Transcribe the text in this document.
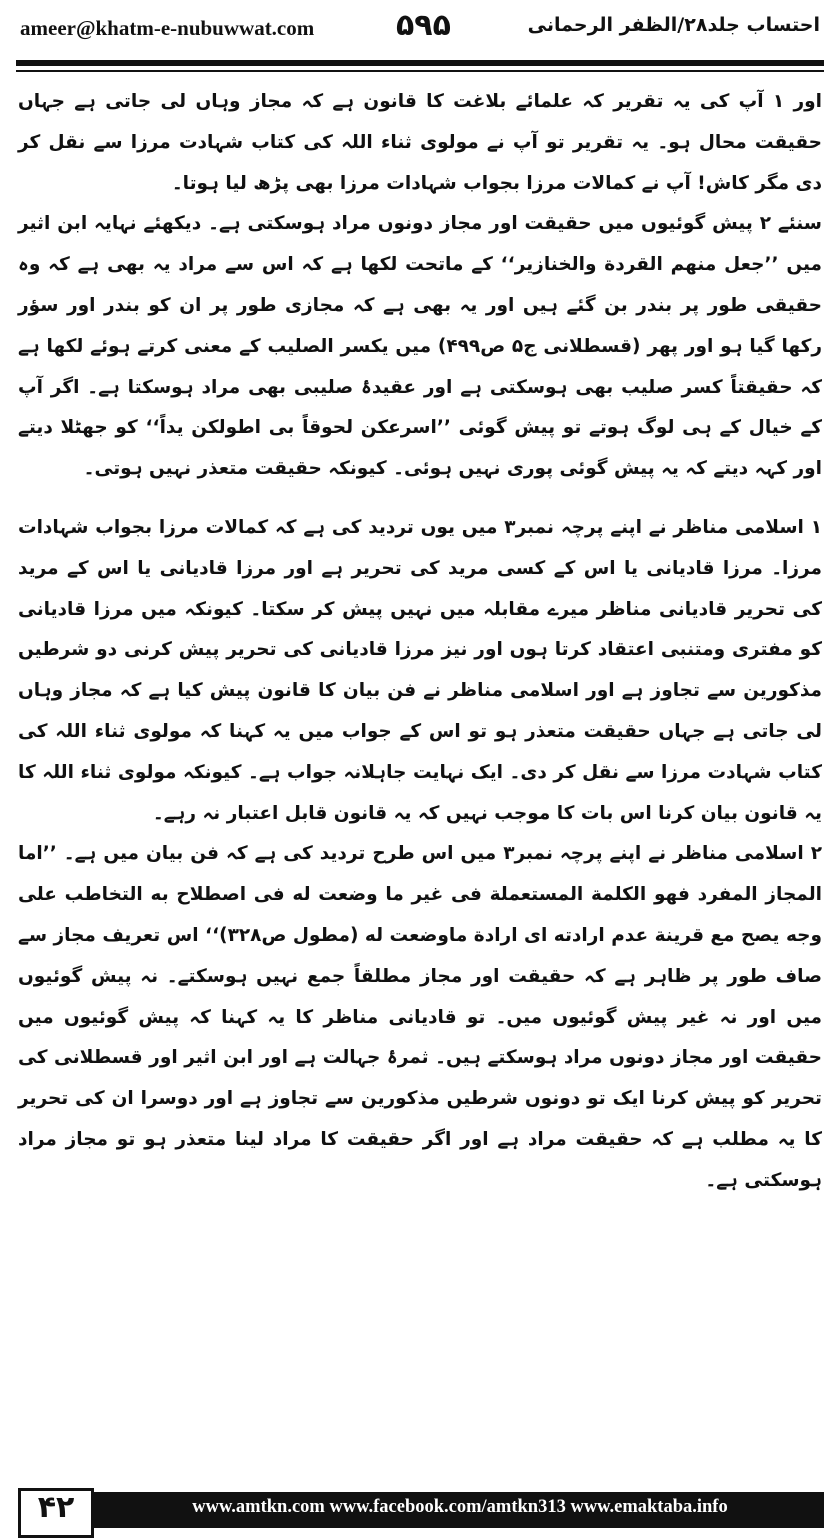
ameer@khatm-e-nubuwwat.com	۵۹۵	احتساب جلد۲۸/الظفر الرحمانی

اور ۱ آپ کی یہ تقریر کہ علمائے بلاغت کا قانون ہے کہ مجاز وہاں لی جاتی ہے جہاں حقیقت محال ہو۔ یہ تقریر تو آپ نے مولوی ثناء اللہ کی کتاب شہادت مرزا سے نقل کر دی مگر کاش! آپ نے کمالات مرزا بجواب شہادات مرزا بھی پڑھ لیا ہوتا۔

سنئے ۲ پیش گوئیوں میں حقیقت اور مجاز دونوں مراد ہوسکتی ہے۔ دیکھئے نہایہ ابن اثیر میں ’’جعل منهم القردة والخنازير‘‘ کے ماتحت لکھا ہے کہ اس سے مراد یہ بھی ہے کہ وہ حقیقی طور پر بندر بن گئے ہیں اور یہ بھی ہے کہ مجازی طور پر ان کو بندر اور سؤر رکھا گیا ہو اور پھر (قسطلانی ج۵ ص۴۹۹) میں یکسر الصلیب کے معنی کرتے ہوئے لکھا ہے کہ حقیقتاً کسر صلیب بھی ہوسکتی ہے اور عقیدۂ صلیبی بھی مراد ہوسکتا ہے۔ اگر آپ کے خیال کے ہی لوگ ہوتے تو پیش گوئی ’’اسرعکن لحوقاً بی اطولکن یداً‘‘ کو جھٹلا دیتے اور کہہ دیتے کہ یہ پیش گوئی پوری نہیں ہوئی۔ کیونکہ حقیقت متعذر نہیں ہوتی۔

۱ اسلامی مناظر نے اپنے پرچہ نمبر۳ میں یوں تردید کی ہے کہ کمالات مرزا بجواب شہادات مرزا۔ مرزا قادیانی یا اس کے کسی مرید کی تحریر ہے اور مرزا قادیانی یا اس کے مرید کی تحریر قادیانی مناظر میرے مقابلہ میں نہیں پیش کر سکتا۔ کیونکہ میں مرزا قادیانی کو مفتری ومتنبی اعتقاد کرتا ہوں اور نیز مرزا قادیانی کی تحریر پیش کرنی دو شرطیں مذکورین سے تجاوز ہے اور اسلامی مناظر نے فن بیان کا قانون پیش کیا ہے کہ مجاز وہاں لی جاتی ہے جہاں حقیقت متعذر ہو تو اس کے جواب میں یہ کہنا کہ مولوی ثناء اللہ کی کتاب شہادت مرزا سے نقل کر دی۔ ایک نہایت جاہلانہ جواب ہے۔ کیونکہ مولوی ثناء اللہ کا یہ قانون بیان کرنا اس بات کا موجب نہیں کہ یہ قانون قابل اعتبار نہ رہے۔

۲ اسلامی مناظر نے اپنے پرچہ نمبر۳ میں اس طرح تردید کی ہے کہ فن بیان میں ہے۔ ’’اما المجاز المفرد فهو الكلمة المستعملة فى غير ما وضعت له فى اصطلاح به التخاطب على وجه يصح مع قرينة عدم ارادته اى ارادة ماوضعت له (مطول ص٣٢٨)‘‘ اس تعریف مجاز سے صاف طور پر ظاہر ہے کہ حقیقت اور مجاز مطلقاً جمع نہیں ہوسکتے۔ نہ پیش گوئیوں میں اور نہ غیر پیش گوئیوں میں۔ تو قادیانی مناظر کا یہ کہنا کہ پیش گوئیوں میں حقیقت اور مجاز دونوں مراد ہوسکتے ہیں۔ ثمرۂ جہالت ہے اور ابن اثیر اور قسطلانی کی تحریر کو پیش کرنا ایک تو دونوں شرطیں مذکورین سے تجاوز ہے اور دوسرا ان کی تحریر کا یہ مطلب ہے کہ حقیقت مراد ہے اور اگر حقیقت کا مراد لینا متعذر ہو تو مجاز مراد ہوسکتی ہے۔

۴۲	www.amtkn.com www.facebook.com/amtkn313 www.emaktaba.info
